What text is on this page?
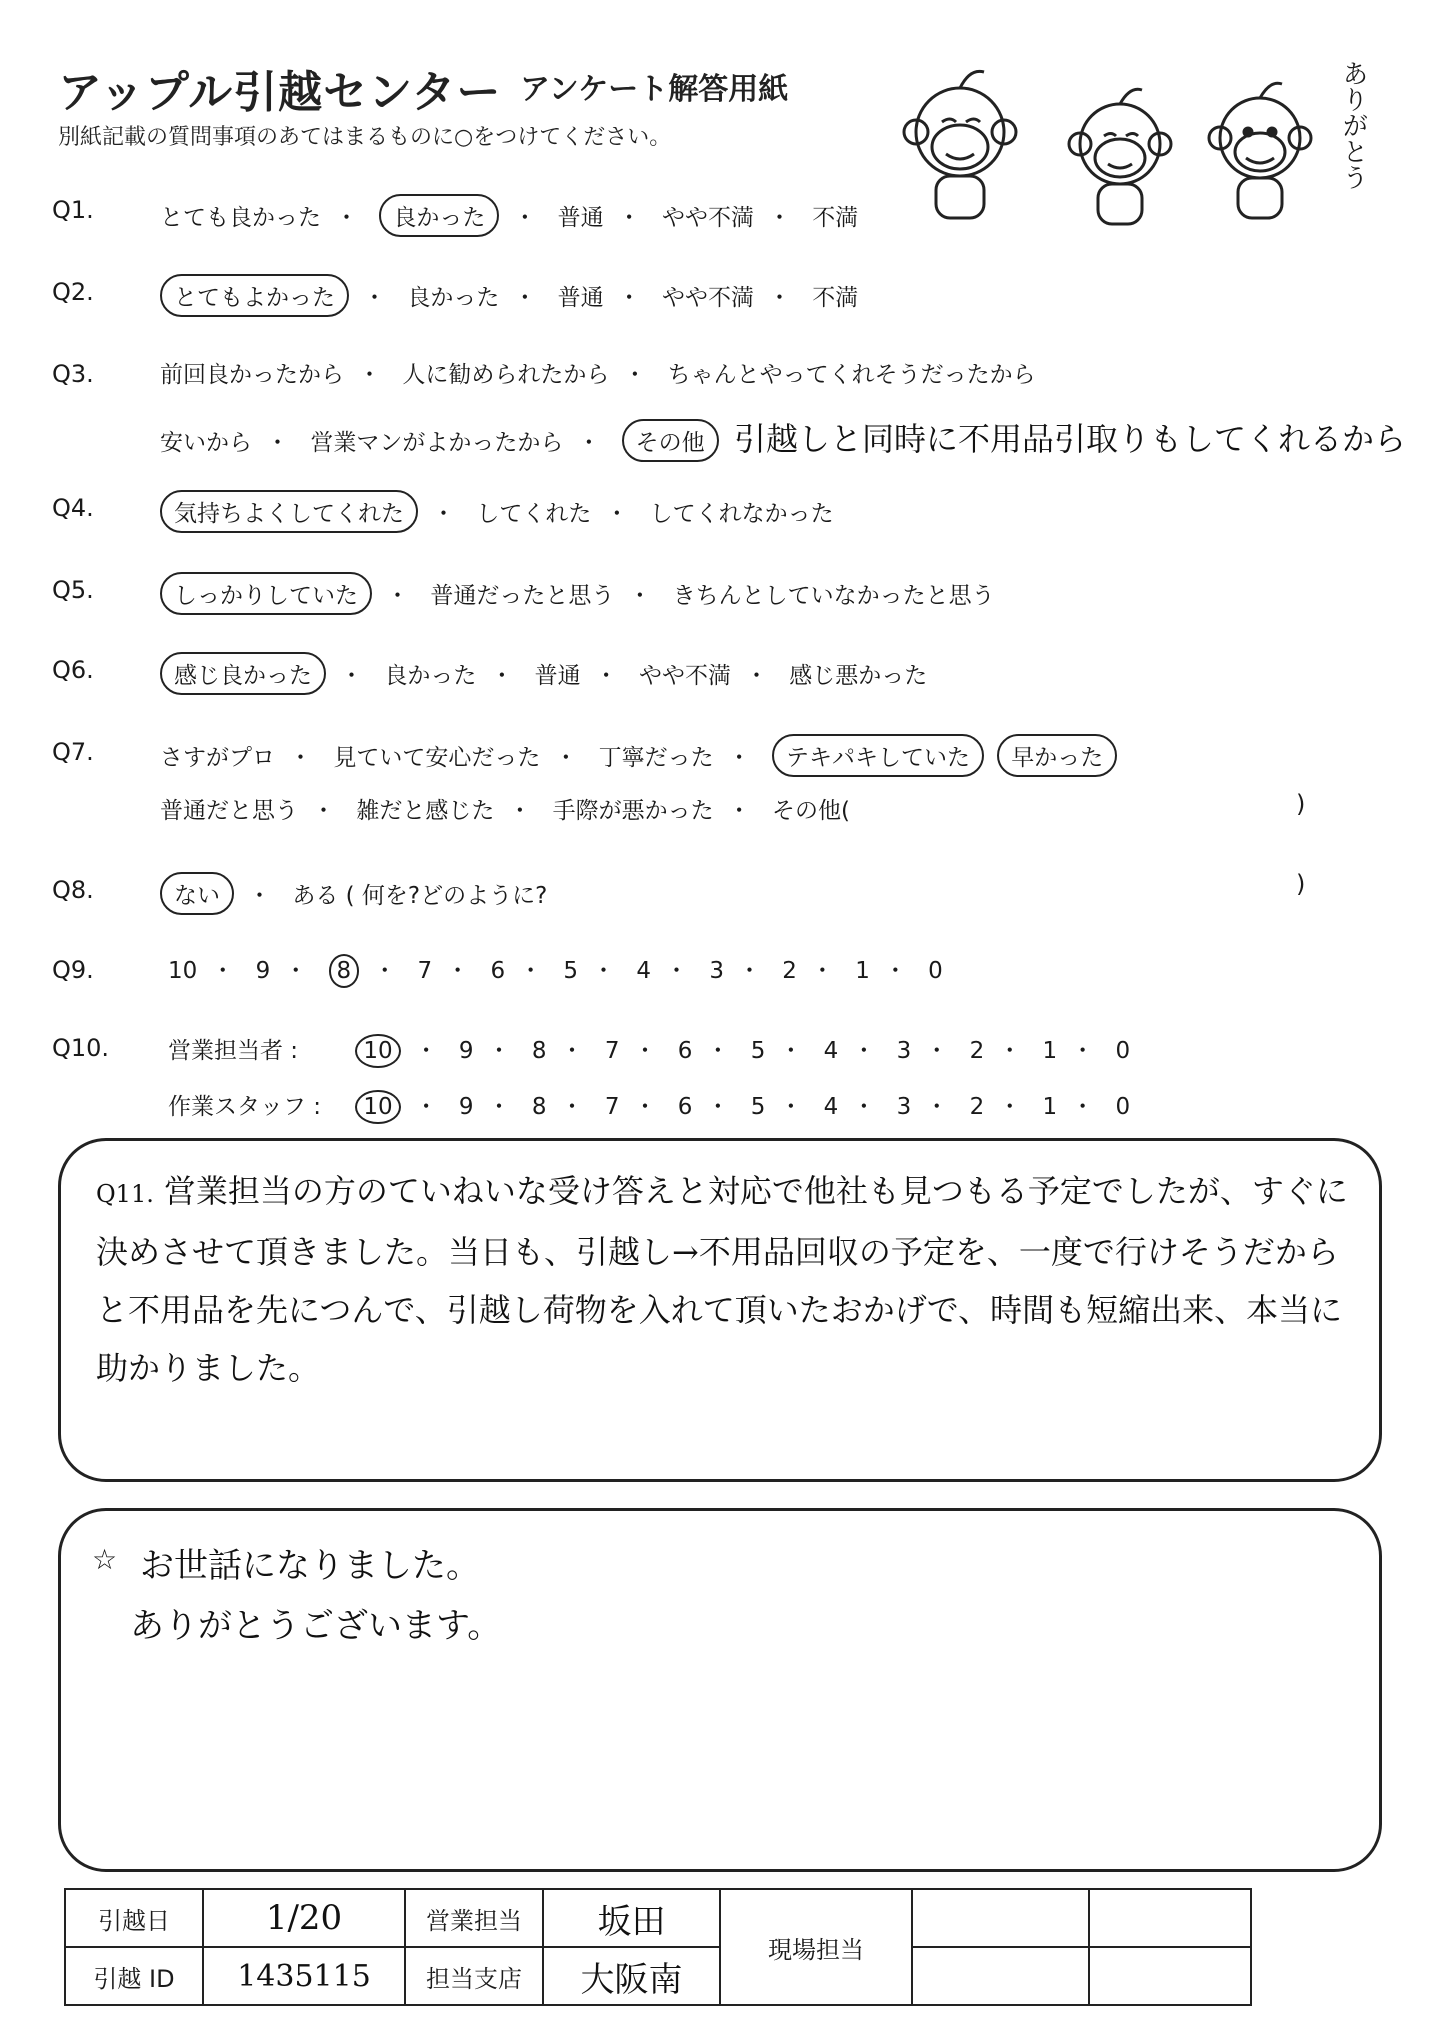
アップル引越センター アンケート解答用紙
別紙記載の質問事項のあてはまるものに○をつけてください。	ありがとう
Q1.	とても良かった ・ 良かった ・ 普通 ・ やや不満 ・ 不満
Q2.	とてもよかった ・ 良かった ・ 普通 ・ やや不満 ・ 不満
Q3.	前回良かったから ・ 人に勧められたから ・ ちゃんとやってくれそうだったから
安いから ・ 営業マンがよかったから ・ その他 引越しと同時に不用品引取りもしてくれるから
Q4.	気持ちよくしてくれた ・ してくれた ・ してくれなかった
Q5.	しっかりしていた ・ 普通だったと思う ・ きちんとしていなかったと思う
Q6.	感じ良かった ・ 良かった ・ 普通 ・ やや不満 ・ 感じ悪かった
Q7.	さすがプロ ・ 見ていて安心だった ・ 丁寧だった ・ テキパキしていた 早かった
普通だと思う ・ 雑だと感じた ・ 手際が悪かった ・ その他(	)
Q8.	ない ・ ある ( 何を?どのように?	)
Q9.	10 ・ 9 ・ 8 ・ 7 ・ 6 ・ 5 ・ 4 ・ 3 ・ 2 ・ 1 ・ 0
Q10.	営業担当者 :	10 ・ 9 ・ 8 ・ 7 ・ 6 ・ 5 ・ 4 ・ 3 ・ 2 ・ 1 ・ 0
作業スタッフ : 10 ・ 9 ・ 8 ・ 7 ・ 6 ・ 5 ・ 4 ・ 3 ・ 2 ・ 1 ・ 0
Q11. 営業担当の方のていねいな受け答えと対応で他社も見つもる予定でしたが、すぐに決めさせて頂きました。当日も、引越し→不用品回収の予定を、一度で行けそうだからと不用品を先につんで、引越し荷物を入れて頂いたおかげで、時間も短縮出来、本当に助かりました。
☆ お世話になりました。
ありがとうございます。
引越日	1/20	営業担当	坂田	現場担当		
引越 ID	1435115	担当支店	大阪南			
